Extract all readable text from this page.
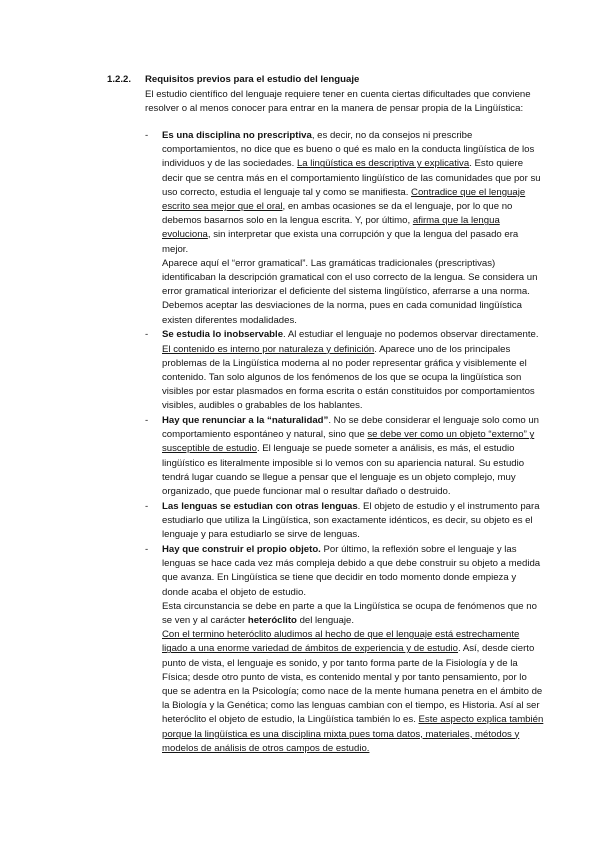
1.2.2. Requisitos previos para el estudio del lenguaje

El estudio científico del lenguaje requiere tener en cuenta ciertas dificultades que conviene resolver o al menos conocer para entrar en la manera de pensar propia de la Lingüística:

- Es una disciplina no prescriptiva, es decir, no da consejos ni prescribe comportamientos, no dice que es bueno o qué es malo en la conducta lingüística de los individuos y de las sociedades. La lingüística es descriptiva y explicativa. Esto quiere decir que se centra más en el comportamiento lingüístico de las comunidades que por su uso correcto, estudia el lenguaje tal y como se manifiesta. Contradice que el lenguaje escrito sea mejor que el oral, en ambas ocasiones se da el lenguaje, por lo que no debemos basarnos solo en la lengua escrita. Y, por último, afirma que la lengua evoluciona, sin interpretar que exista una corrupción y que la lengua del pasado era mejor.

Aparece aquí el “error gramatical”. Las gramáticas tradicionales (prescriptivas) identificaban la descripción gramatical con el uso correcto de la lengua. Se considera un error gramatical interiorizar el deficiente del sistema lingüístico, aferrarse a una norma. Debemos aceptar las desviaciones de la norma, pues en cada comunidad lingüística existen diferentes modalidades.

- Se estudia lo inobservable. Al estudiar el lenguaje no podemos observar directamente. El contenido es interno por naturaleza y definición. Aparece uno de los principales problemas de la Lingüística moderna al no poder representar gráfica y visiblemente el contenido. Tan solo algunos de los fenómenos de los que se ocupa la lingüística son visibles por estar plasmados en forma escrita o están constituidos por comportamientos visibles, audibles o grabables de los hablantes.

- Hay que renunciar a la “naturalidad”. No se debe considerar el lenguaje solo como un comportamiento espontáneo y natural, sino que se debe ver como un objeto “externo” y susceptible de estudio. El lenguaje se puede someter a análisis, es más, el estudio lingüístico es literalmente imposible si lo vemos con su apariencia natural. Su estudio tendrá lugar cuando se llegue a pensar que el lenguaje es un objeto complejo, muy organizado, que puede funcionar mal o resultar dañado o destruido.

- Las lenguas se estudian con otras lenguas. El objeto de estudio y el instrumento para estudiarlo que utiliza la Lingüística, son exactamente idénticos, es decir, su objeto es el lenguaje y para estudiarlo se sirve de lenguas.

- Hay que construir el propio objeto. Por último, la reflexión sobre el lenguaje y las lenguas se hace cada vez más compleja debido a que debe construir su objeto a medida que avanza. En Lingüística se tiene que decidir en todo momento donde empieza y donde acaba el objeto de estudio.

Esta circunstancia se debe en parte a que la Lingüística se ocupa de fenómenos que no se ven y al carácter heteróclito del lenguaje.

Con el termino heteróclito aludimos al hecho de que el lenguaje está estrechamente ligado a una enorme variedad de ámbitos de experiencia y de estudio. Así, desde cierto punto de vista, el lenguaje es sonido, y por tanto forma parte de la Fisiología y de la Física; desde otro punto de vista, es contenido mental y por tanto pensamiento, por lo que se adentra en la Psicología; como nace de la mente humana penetra en el ámbito de la Biología y la Genética; como las lenguas cambian con el tiempo, es Historia. Así al ser heteróclito el objeto de estudio, la Lingüística también lo es. Este aspecto explica también porque la lingüística es una disciplina mixta pues toma datos, materiales, métodos y modelos de análisis de otros campos de estudio.
